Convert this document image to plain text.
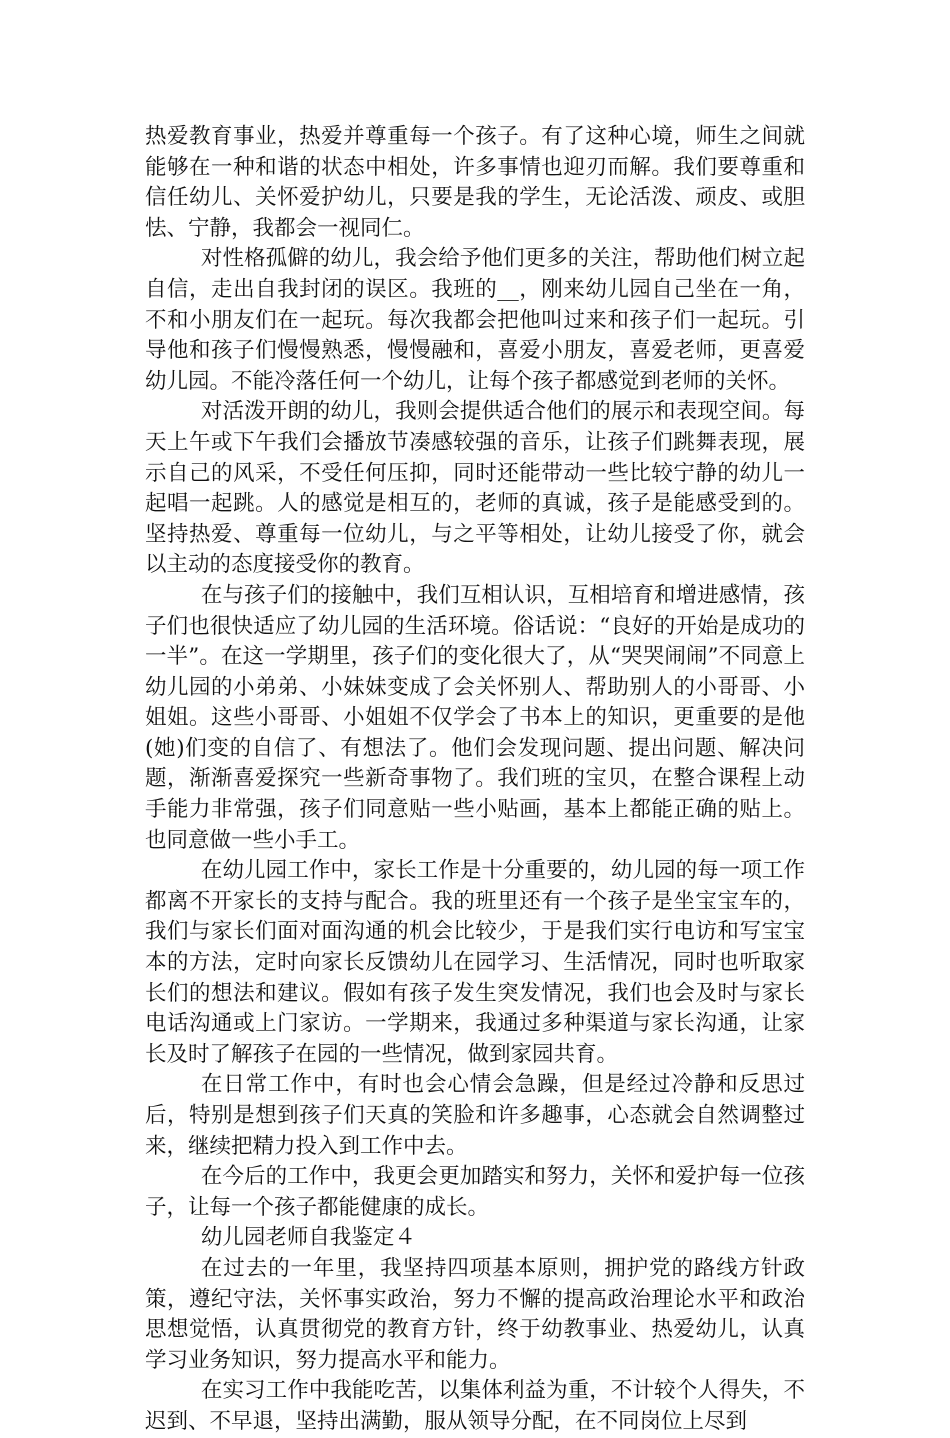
热爱教育事业，热爱并尊重每一个孩子。有了这种心境，师生之间就能够在一种和谐的状态中相处，许多事情也迎刃而解。我们要尊重和信任幼儿、关怀爱护幼儿，只要是我的学生，无论活泼、顽皮、或胆怯、宁静，我都会一视同仁。

对性格孤僻的幼儿，我会给予他们更多的关注，帮助他们树立起自信，走出自我封闭的误区。我班的__，刚来幼儿园自己坐在一角，不和小朋友们在一起玩。每次我都会把他叫过来和孩子们一起玩。引导他和孩子们慢慢熟悉，慢慢融和，喜爱小朋友，喜爱老师，更喜爱幼儿园。不能冷落任何一个幼儿，让每个孩子都感觉到老师的关怀。

对活泼开朗的幼儿，我则会提供适合他们的展示和表现空间。每天上午或下午我们会播放节凑感较强的音乐，让孩子们跳舞表现，展示自己的风采，不受任何压抑，同时还能带动一些比较宁静的幼儿一起唱一起跳。人的感觉是相互的，老师的真诚，孩子是能感受到的。坚持热爱、尊重每一位幼儿，与之平等相处，让幼儿接受了你，就会以主动的态度接受你的教育。

在与孩子们的接触中，我们互相认识，互相培育和增进感情，孩子们也很快适应了幼儿园的生活环境。俗话说：“良好的开始是成功的一半”。在这一学期里，孩子们的变化很大了，从“哭哭闹闹”不同意上幼儿园的小弟弟、小妹妹变成了会关怀别人、帮助别人的小哥哥、小姐姐。这些小哥哥、小姐姐不仅学会了书本上的知识，更重要的是他(她)们变的自信了、有想法了。他们会发现问题、提出问题、解决问题，渐渐喜爱探究一些新奇事物了。我们班的宝贝，在整合课程上动手能力非常强，孩子们同意贴一些小贴画，基本上都能正确的贴上。也同意做一些小手工。

在幼儿园工作中，家长工作是十分重要的，幼儿园的每一项工作都离不开家长的支持与配合。我的班里还有一个孩子是坐宝宝车的，我们与家长们面对面沟通的机会比较少，于是我们实行电访和写宝宝本的方法，定时向家长反馈幼儿在园学习、生活情况，同时也听取家长们的想法和建议。假如有孩子发生突发情况，我们也会及时与家长电话沟通或上门家访。一学期来，我通过多种渠道与家长沟通，让家长及时了解孩子在园的一些情况，做到家园共育。

在日常工作中，有时也会心情会急躁，但是经过冷静和反思过后，特别是想到孩子们天真的笑脸和许多趣事，心态就会自然调整过来，继续把精力投入到工作中去。

在今后的工作中，我更会更加踏实和努力，关怀和爱护每一位孩子，让每一个孩子都能健康的成长。

幼儿园老师自我鉴定４

在过去的一年里，我坚持四项基本原则，拥护党的路线方针政策，遵纪守法，关怀事实政治，努力不懈的提高政治理论水平和政治思想觉悟，认真贯彻党的教育方针，终于幼教事业、热爱幼儿，认真学习业务知识，努力提高水平和能力。

在实习工作中我能吃苦，以集体利益为重，不计较个人得失，不迟到、不早退，坚持出满勤，服从领导分配，在不同岗位上尽到
